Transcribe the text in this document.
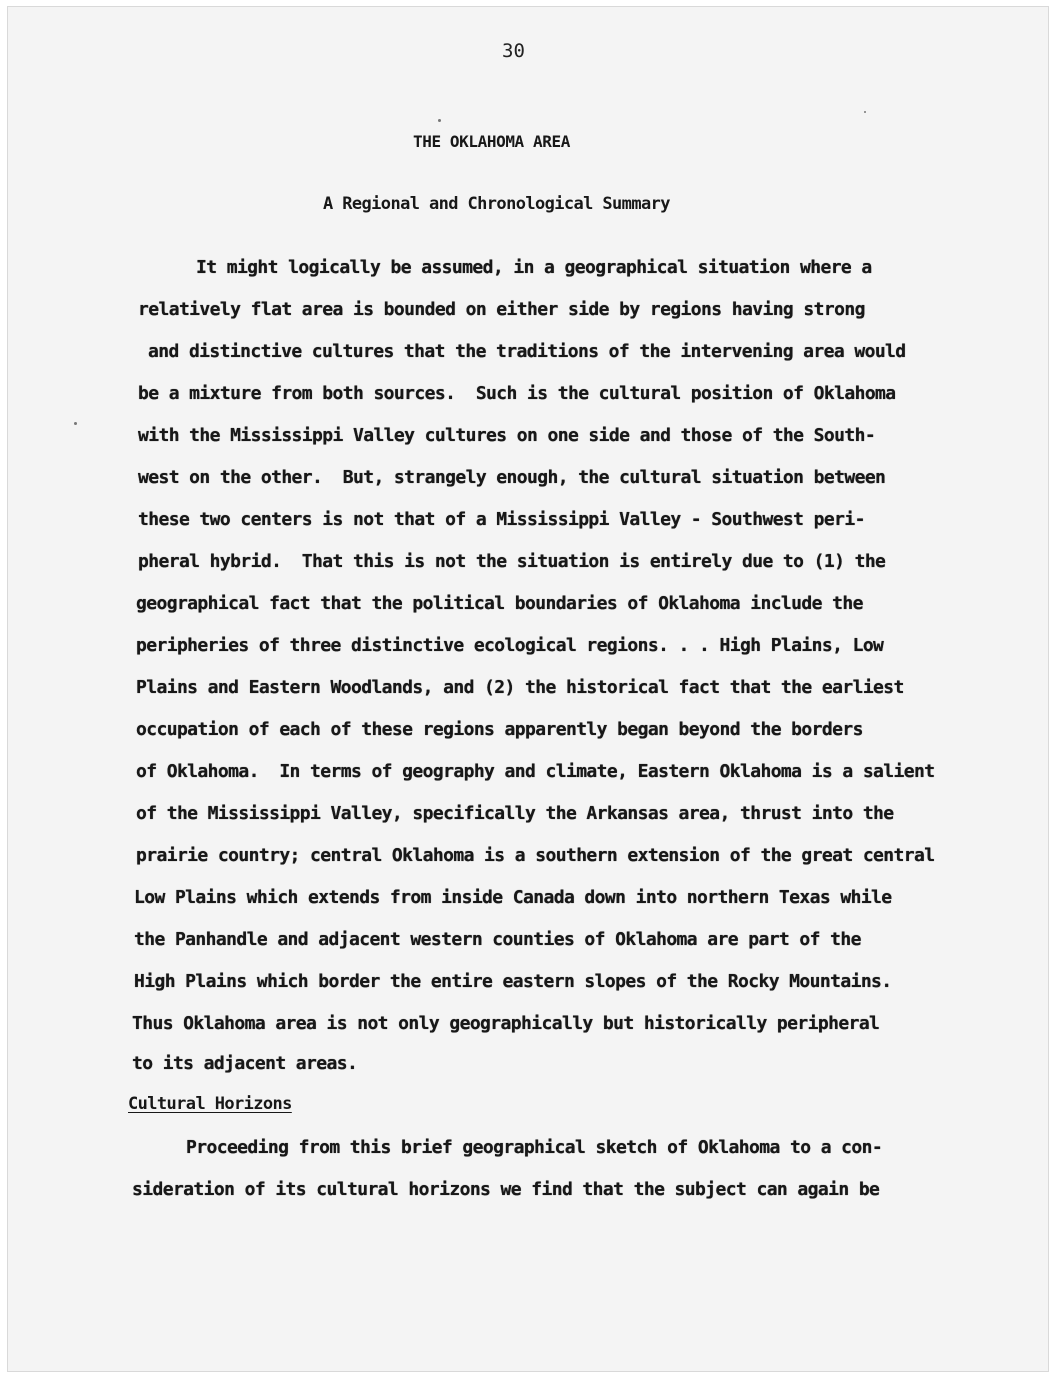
30
THE OKLAHOMA AREA
A Regional and Chronological Summary

It might logically be assumed, in a geographical situation where a

relatively flat area is bounded on either side by regions having strong

and distinctive cultures that the traditions of the intervening area would

be a mixture from both sources.  Such is the cultural position of Oklahoma

with the Mississippi Valley cultures on one side and those of the South-

west on the other.  But, strangely enough, the cultural situation between

these two centers is not that of a Mississippi Valley - Southwest peri-

pheral hybrid.  That this is not the situation is entirely due to (1) the

geographical fact that the political boundaries of Oklahoma include the

peripheries of three distinctive ecological regions. . . High Plains, Low

Plains and Eastern Woodlands, and (2) the historical fact that the earliest

occupation of each of these regions apparently began beyond the borders

of Oklahoma.  In terms of geography and climate, Eastern Oklahoma is a salient

of the Mississippi Valley, specifically the Arkansas area, thrust into the

prairie country; central Oklahoma is a southern extension of the great central

Low Plains which extends from inside Canada down into northern Texas while

the Panhandle and adjacent western counties of Oklahoma are part of the

High Plains which border the entire eastern slopes of the Rocky Mountains.

Thus Oklahoma area is not only geographically but historically peripheral

to its adjacent areas.

Cultural Horizons

Proceeding from this brief geographical sketch of Oklahoma to a con-

sideration of its cultural horizons we find that the subject can again be
